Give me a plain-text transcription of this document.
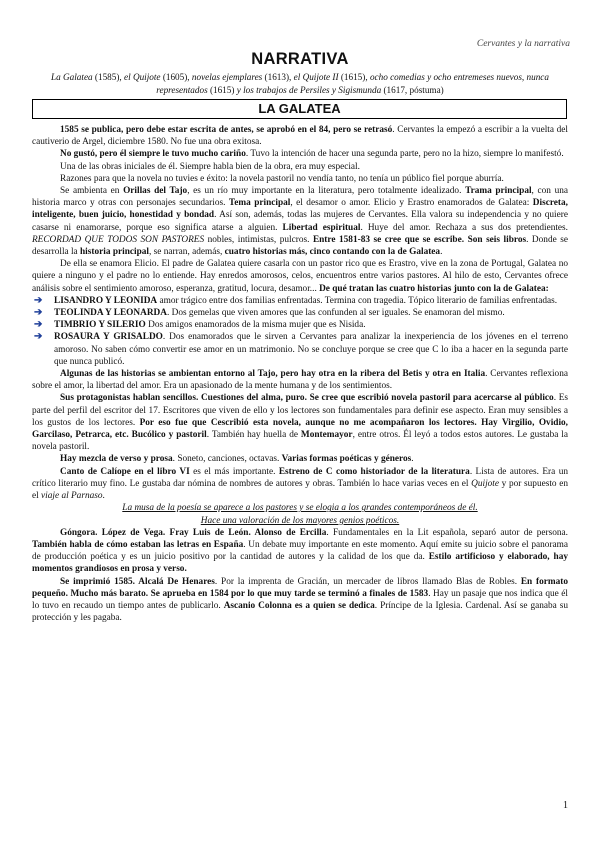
Cervantes y la narrativa
NARRATIVA
La Galatea (1585), el Quijote (1605), novelas ejemplares (1613), el Quijote II (1615), ocho comedias y ocho entremeses nuevos, nunca representados (1615) y los trabajos de Persiles y Sigismunda (1617, póstuma)
LA GALATEA

1585 se publica, pero debe estar escrita de antes, se aprobó en el 84, pero se retrasó. Cervantes la empezó a escribir a la vuelta del cautiverio de Argel, diciembre 1580. No fue una obra exitosa.

No gustó, pero él siempre le tuvo mucho cariño. Tuvo la intención de hacer una segunda parte, pero no la hizo, siempre lo manifestó.

Una de las obras iniciales de él. Siempre habla bien de la obra, era muy especial.

Razones para que la novela no tuvies e éxito: la novela pastoril no vendía tanto, no tenía un público fiel porque aburría.

Se ambienta en Orillas del Tajo, es un río muy importante en la literatura, pero totalmente idealizado. Trama principal, con una historia marco y otras con personajes secundarios. Tema principal, el desamor o amor. Elicio y Erastro enamorados de Galatea: Discreta, inteligente, buen juicio, honestidad y bondad. Así son, además, todas las mujeres de Cervantes. Ella valora su independencia y no quiere casarse ni enamorarse, porque eso significa atarse a alguien. Libertad espiritual. Huye del amor. Rechaza a sus dos pretendientes. RECORDAD QUE TODOS SON PASTORES nobles, intimistas, pulcros. Entre 1581-83 se cree que se escribe. Son seis libros. Donde se desarrolla la historia principal, se narran, además, cuatro historias más, cinco contando con la de Galatea.

De ella se enamora Elicio. El padre de Galatea quiere casarla con un pastor rico que es Erastro, vive en la zona de Portugal, Galatea no quiere a ninguno y el padre no lo entiende. Hay enredos amorosos, celos, encuentros entre varios pastores. Al hilo de esto, Cervantes ofrece análisis sobre el sentimiento amoroso, esperanza, gratitud, locura, desamor... De qué tratan las cuatro historias junto con la de Galatea:

➔ LISANDRO Y LEONIDA amor trágico entre dos familias enfrentadas. Termina con tragedia. Tópico literario de familias enfrentadas.
➔ TEOLINDA Y LEONARDA. Dos gemelas que viven amores que las confunden al ser iguales. Se enamoran del mismo.
➔ TIMBRIO Y SILERIO Dos amigos enamorados de la misma mujer que es Nisida.
➔ ROSAURA Y GRISALDO. Dos enamorados que le sirven a Cervantes para analizar la inexperiencia de los jóvenes en el terreno amoroso. No saben cómo convertir ese amor en un matrimonio. No se concluye porque se cree que C lo iba a hacer en la segunda parte que nunca publicó.

Algunas de las historias se ambientan entorno al Tajo, pero hay otra en la ribera del Betis y otra en Italia. Cervantes reflexiona sobre el amor, la libertad del amor. Era un apasionado de la mente humana y de los sentimientos.

Sus protagonistas hablan sencillos. Cuestiones del alma, puro. Se cree que escribió novela pastoril para acercarse al público. Es parte del perfil del escritor del 17. Escritores que viven de ello y los lectores son fundamentales para definir ese aspecto. Eran muy sensibles a los gustos de los lectores. Por eso fue que Cescribió esta novela, aunque no me acompañaron los lectores. Hay Virgilio, Ovidio, Garcilaso, Petrarca, etc. Bucólico y pastoril. También hay huella de Montemayor, entre otros. Él leyó a todos estos autores. Le gustaba la novela pastoril.

Hay mezcla de verso y prosa. Soneto, canciones, octavas. Varias formas poéticas y géneros.

Canto de Calíope en el libro VI es el más importante. Estreno de C como historiador de la literatura. Lista de autores. Era un crítico literario muy fino. Le gustaba dar nómina de nombres de autores y obras. También lo hace varias veces en el Quijote y por supuesto en el viaje al Parnaso.

La musa de la poesía se aparece a los pastores y se elogia a los grandes contemporáneos de él.

Hace una valoración de los mayores genios poéticos.

Góngora. López de Vega. Fray Luis de León. Alonso de Ercilla. Fundamentales en la Lit española, separó autor de persona. También habla de cómo estaban las letras en España. Un debate muy importante en este momento. Aquí emite su juicio sobre el panorama de producción poética y es un juicio positivo por la cantidad de autores y la calidad de los que da. Estilo artificioso y elaborado, hay momentos grandiosos en prosa y verso.

Se imprimió 1585. Alcalá De Henares. Por la imprenta de Gracián, un mercader de libros llamado Blas de Robles. En formato pequeño. Mucho más barato. Se aprueba en 1584 por lo que muy tarde se terminó a finales de 1583. Hay un pasaje que nos indica que él lo tuvo en recaudo un tiempo antes de publicarlo. Ascanio Colonna es a quien se dedica. Príncipe de la Iglesia. Cardenal. Así se ganaba su protección y les pagaba.

1
